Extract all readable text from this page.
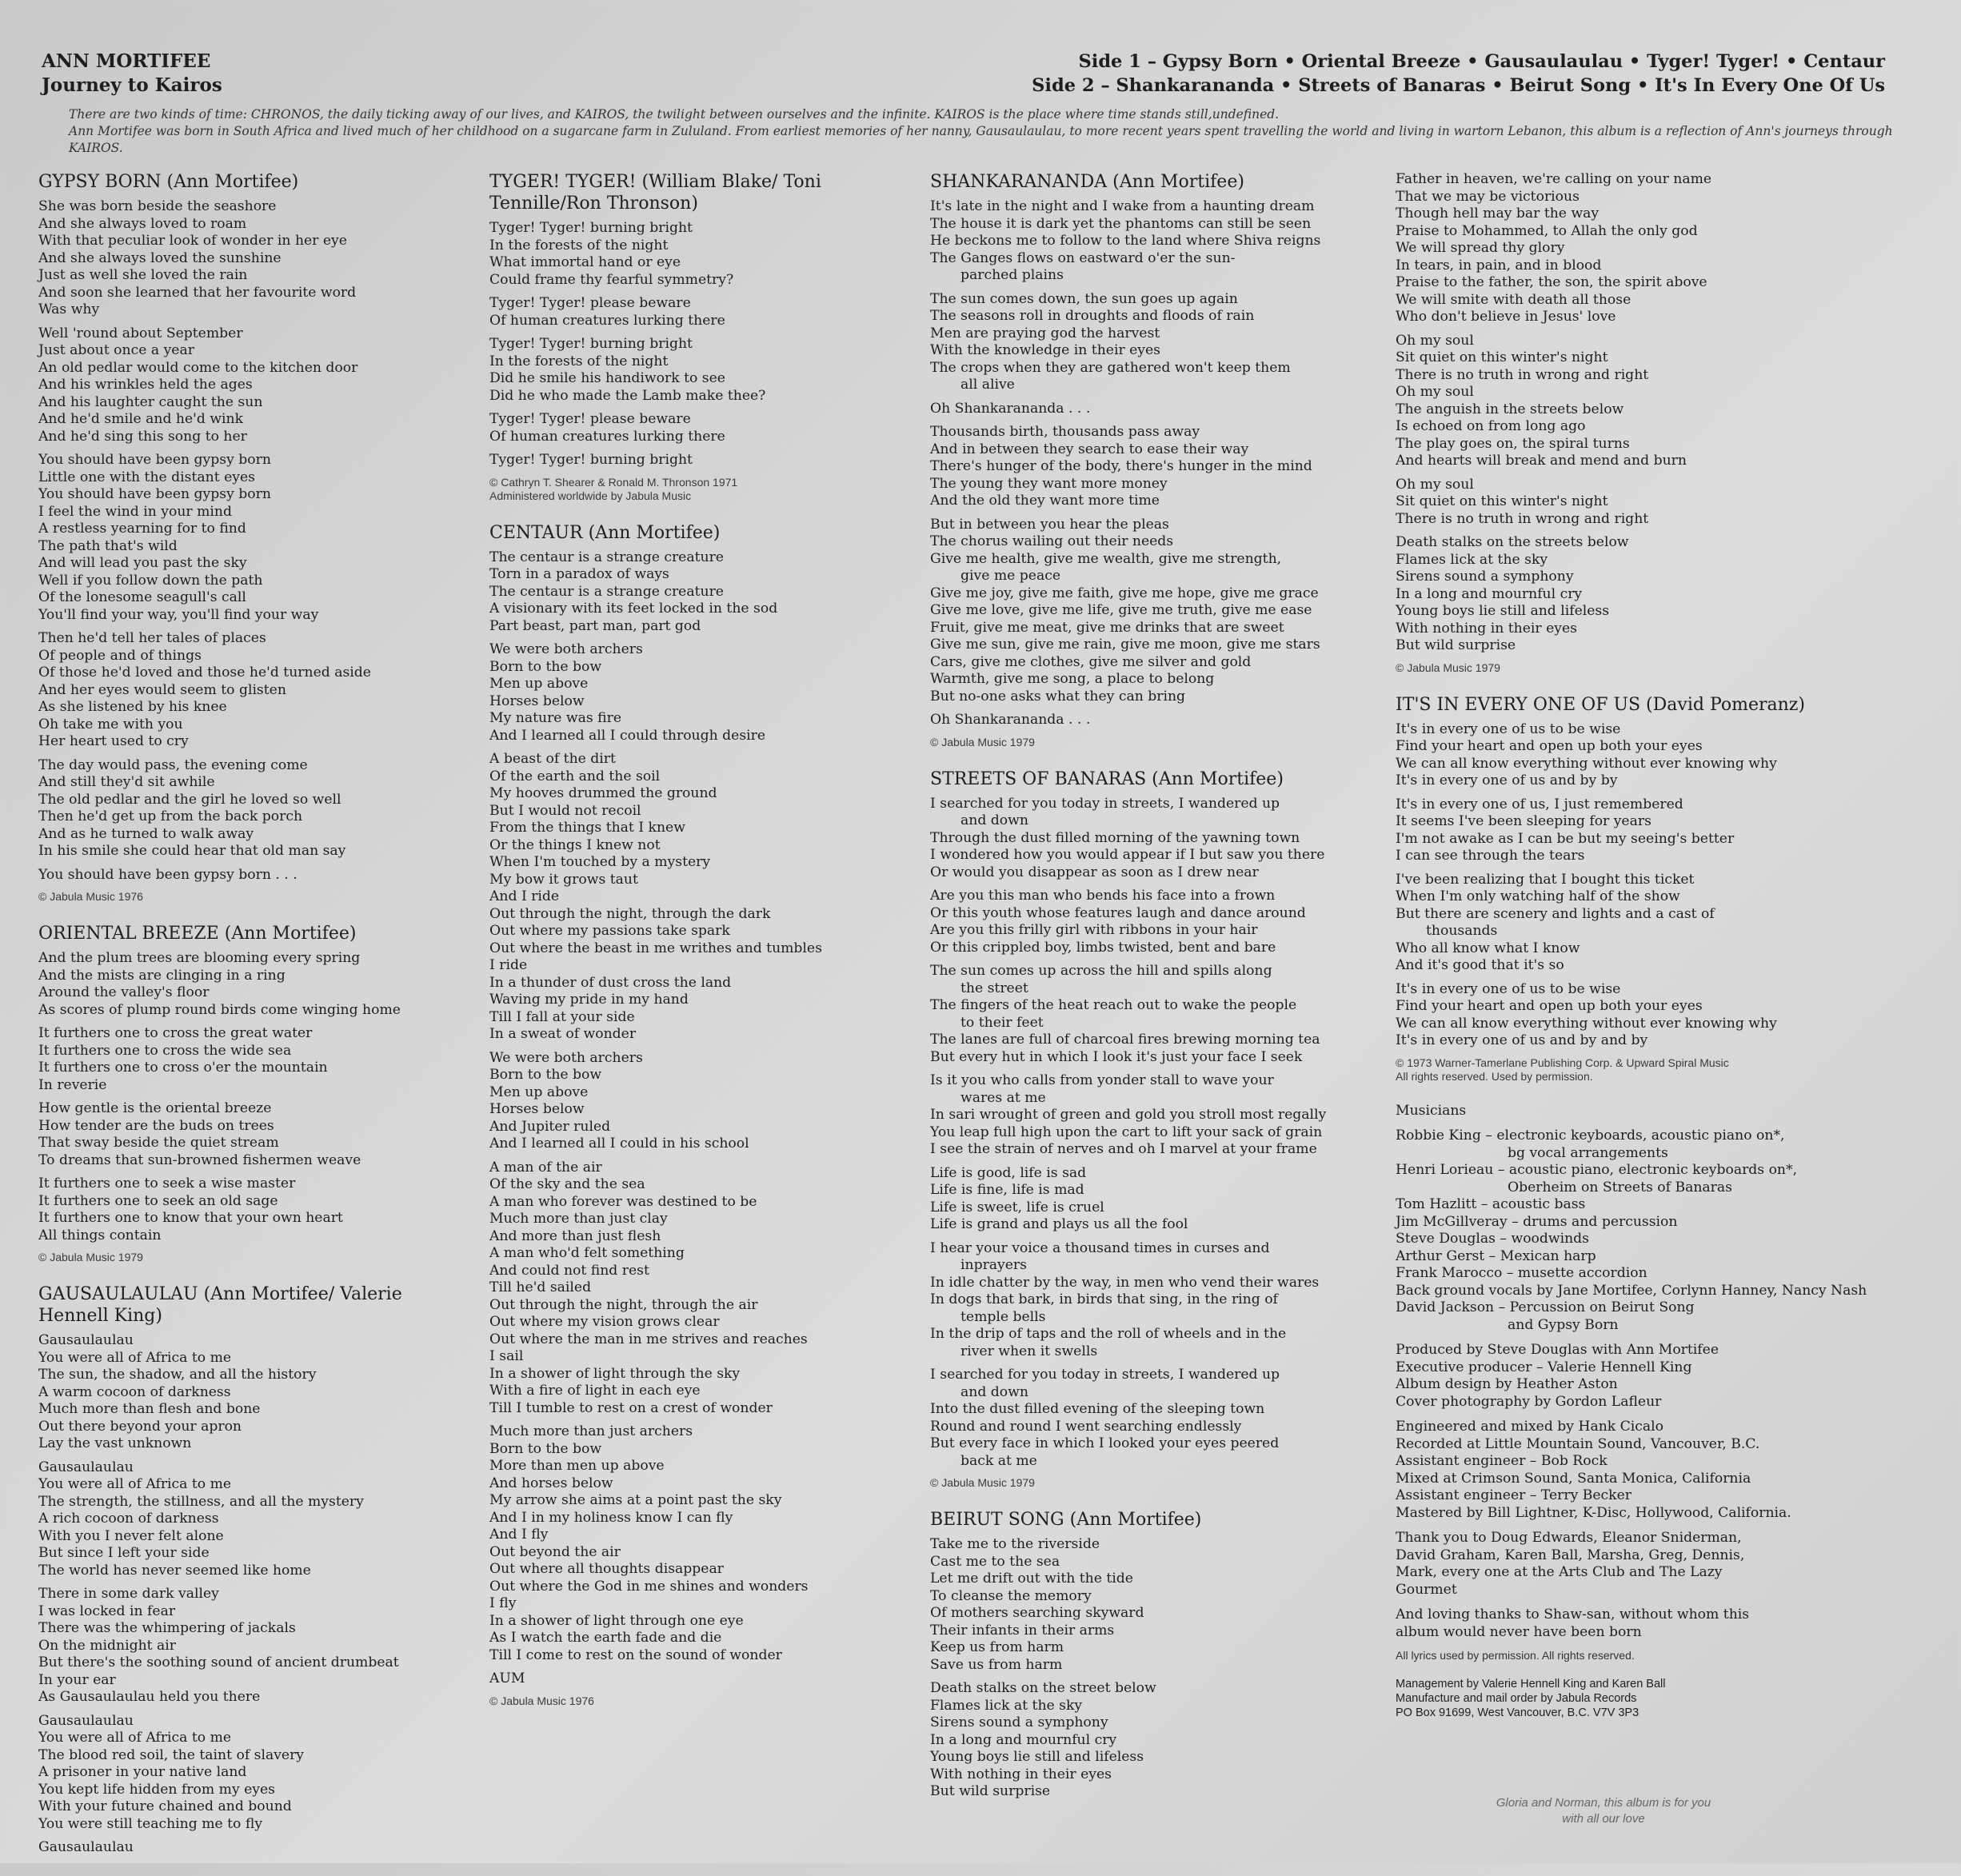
ANN MORTIFEE
Journey to Kairos
Side 1 – Gypsy Born • Oriental Breeze • Gausaulaulau • Tyger! Tyger! • Centaur
Side 2 – Shankarananda • Streets of Banaras • Beirut Song • It's In Every One Of Us

There are two kinds of time: CHRONOS, the daily ticking away of our lives, and KAIROS, the twilight between ourselves and the infinite. KAIROS is the place where time stands still,undefined.

Ann Mortifee was born in South Africa and lived much of her childhood on a sugarcane farm in Zululand. From earliest memories of her nanny, Gausaulaulau, to more recent years spent travelling the world and living in wartorn Lebanon, this album is a reflection of Ann's journeys through KAIROS.

GYPSY BORN (Ann Mortifee)
She was born beside the seashore
And she always loved to roam
With that peculiar look of wonder in her eye
And she always loved the sunshine
Just as well she loved the rain
And soon she learned that her favourite word
Was why
Well 'round about September
Just about once a year
An old pedlar would come to the kitchen door
And his wrinkles held the ages
And his laughter caught the sun
And he'd smile and he'd wink
And he'd sing this song to her
You should have been gypsy born
Little one with the distant eyes
You should have been gypsy born
I feel the wind in your mind
A restless yearning for to find
The path that's wild
And will lead you past the sky
Well if you follow down the path
Of the lonesome seagull's call
You'll find your way, you'll find your way
Then he'd tell her tales of places
Of people and of things
Of those he'd loved and those he'd turned aside
And her eyes would seem to glisten
As she listened by his knee
Oh take me with you
Her heart used to cry
The day would pass, the evening come
And still they'd sit awhile
The old pedlar and the girl he loved so well
Then he'd get up from the back porch
And as he turned to walk away
In his smile she could hear that old man say
You should have been gypsy born . . .
© Jabula Music 1976
ORIENTAL BREEZE (Ann Mortifee)
And the plum trees are blooming every spring
And the mists are clinging in a ring
Around the valley's floor
As scores of plump round birds come winging home
It furthers one to cross the great water
It furthers one to cross the wide sea
It furthers one to cross o'er the mountain
In reverie
How gentle is the oriental breeze
How tender are the buds on trees
That sway beside the quiet stream
To dreams that sun-browned fishermen weave
It furthers one to seek a wise master
It furthers one to seek an old sage
It furthers one to know that your own heart
All things contain
© Jabula Music 1979
GAUSAULAULAU (Ann Mortifee/ Valerie Hennell King)
Gausaulaulau
You were all of Africa to me
The sun, the shadow, and all the history
A warm cocoon of darkness
Much more than flesh and bone
Out there beyond your apron
Lay the vast unknown
Gausaulaulau
You were all of Africa to me
The strength, the stillness, and all the mystery
A rich cocoon of darkness
With you I never felt alone
But since I left your side
The world has never seemed like home
There in some dark valley
I was locked in fear
There was the whimpering of jackals
On the midnight air
But there's the soothing sound of ancient drumbeat
In your ear
As Gausaulaulau held you there
Gausaulaulau
You were all of Africa to me
The blood red soil, the taint of slavery
A prisoner in your native land
You kept life hidden from my eyes
With your future chained and bound
You were still teaching me to fly
Gausaulaulau
TYGER! TYGER! (William Blake/ Toni Tennille/Ron Thronson)
Tyger! Tyger! burning bright
In the forests of the night
What immortal hand or eye
Could frame thy fearful symmetry?
Tyger! Tyger! please beware
Of human creatures lurking there
Tyger! Tyger! burning bright
In the forests of the night
Did he smile his handiwork to see
Did he who made the Lamb make thee?
Tyger! Tyger! please beware
Of human creatures lurking there
Tyger! Tyger! burning bright
© Cathryn T. Shearer & Ronald M. Thronson 1971
Administered worldwide by Jabula Music
CENTAUR (Ann Mortifee)
The centaur is a strange creature
Torn in a paradox of ways
The centaur is a strange creature
A visionary with its feet locked in the sod
Part beast, part man, part god
We were both archers
Born to the bow
Men up above
Horses below
My nature was fire
And I learned all I could through desire
A beast of the dirt
Of the earth and the soil
My hooves drummed the ground
But I would not recoil
From the things that I knew
Or the things I knew not
When I'm touched by a mystery
My bow it grows taut
And I ride
Out through the night, through the dark
Out where my passions take spark
Out where the beast in me writhes and tumbles
I ride
In a thunder of dust cross the land
Waving my pride in my hand
Till I fall at your side
In a sweat of wonder
We were both archers
Born to the bow
Men up above
Horses below
And Jupiter ruled
And I learned all I could in his school
A man of the air
Of the sky and the sea
A man who forever was destined to be
Much more than just clay
And more than just flesh
A man who'd felt something
And could not find rest
Till he'd sailed
Out through the night, through the air
Out where my vision grows clear
Out where the man in me strives and reaches
I sail
In a shower of light through the sky
With a fire of light in each eye
Till I tumble to rest on a crest of wonder
Much more than just archers
Born to the bow
More than men up above
And horses below
My arrow she aims at a point past the sky
And I in my holiness know I can fly
And I fly
Out beyond the air
Out where all thoughts disappear
Out where the God in me shines and wonders
I fly
In a shower of light through one eye
As I watch the earth fade and die
Till I come to rest on the sound of wonder
AUM
© Jabula Music 1976
SHANKARANANDA (Ann Mortifee)
It's late in the night and I wake from a haunting dream
The house it is dark yet the phantoms can still be seen
He beckons me to follow to the land where Shiva reigns
The Ganges flows on eastward o'er the sun-
parched plains
The sun comes down, the sun goes up again
The seasons roll in droughts and floods of rain
Men are praying god the harvest
With the knowledge in their eyes
The crops when they are gathered won't keep them
all alive
Oh Shankarananda . . .
Thousands birth, thousands pass away
And in between they search to ease their way
There's hunger of the body, there's hunger in the mind
The young they want more money
And the old they want more time
But in between you hear the pleas
The chorus wailing out their needs
Give me health, give me wealth, give me strength,
give me peace
Give me joy, give me faith, give me hope, give me grace
Give me love, give me life, give me truth, give me ease
Fruit, give me meat, give me drinks that are sweet
Give me sun, give me rain, give me moon, give me stars
Cars, give me clothes, give me silver and gold
Warmth, give me song, a place to belong
But no-one asks what they can bring
Oh Shankarananda . . .
© Jabula Music 1979
STREETS OF BANARAS (Ann Mortifee)
I searched for you today in streets, I wandered up
and down
Through the dust filled morning of the yawning town
I wondered how you would appear if I but saw you there
Or would you disappear as soon as I drew near
Are you this man who bends his face into a frown
Or this youth whose features laugh and dance around
Are you this frilly girl with ribbons in your hair
Or this crippled boy, limbs twisted, bent and bare
The sun comes up across the hill and spills along
the street
The fingers of the heat reach out to wake the people
to their feet
The lanes are full of charcoal fires brewing morning tea
But every hut in which I look it's just your face I seek
Is it you who calls from yonder stall to wave your
wares at me
In sari wrought of green and gold you stroll most regally
You leap full high upon the cart to lift your sack of grain
I see the strain of nerves and oh I marvel at your frame
Life is good, life is sad
Life is fine, life is mad
Life is sweet, life is cruel
Life is grand and plays us all the fool
I hear your voice a thousand times in curses and
inprayers
In idle chatter by the way, in men who vend their wares
In dogs that bark, in birds that sing, in the ring of
temple bells
In the drip of taps and the roll of wheels and in the
river when it swells
I searched for you today in streets, I wandered up
and down
Into the dust filled evening of the sleeping town
Round and round I went searching endlessly
But every face in which I looked your eyes peered
back at me
© Jabula Music 1979
BEIRUT SONG (Ann Mortifee)
Take me to the riverside
Cast me to the sea
Let me drift out with the tide
To cleanse the memory
Of mothers searching skyward
Their infants in their arms
Keep us from harm
Save us from harm
Death stalks on the street below
Flames lick at the sky
Sirens sound a symphony
In a long and mournful cry
Young boys lie still and lifeless
With nothing in their eyes
But wild surprise
Father in heaven, we're calling on your name
That we may be victorious
Though hell may bar the way
Praise to Mohammed, to Allah the only god
We will spread thy glory
In tears, in pain, and in blood
Praise to the father, the son, the spirit above
We will smite with death all those
Who don't believe in Jesus' love
Oh my soul
Sit quiet on this winter's night
There is no truth in wrong and right
Oh my soul
The anguish in the streets below
Is echoed on from long ago
The play goes on, the spiral turns
And hearts will break and mend and burn
Oh my soul
Sit quiet on this winter's night
There is no truth in wrong and right
Death stalks on the streets below
Flames lick at the sky
Sirens sound a symphony
In a long and mournful cry
Young boys lie still and lifeless
With nothing in their eyes
But wild surprise
© Jabula Music 1979
IT'S IN EVERY ONE OF US (David Pomeranz)
It's in every one of us to be wise
Find your heart and open up both your eyes
We can all know everything without ever knowing why
It's in every one of us and by by
It's in every one of us, I just remembered
It seems I've been sleeping for years
I'm not awake as I can be but my seeing's better
I can see through the tears
I've been realizing that I bought this ticket
When I'm only watching half of the show
But there are scenery and lights and a cast of
thousands
Who all know what I know
And it's good that it's so
It's in every one of us to be wise
Find your heart and open up both your eyes
We can all know everything without ever knowing why
It's in every one of us and by and by
© 1973 Warner-Tamerlane Publishing Corp. & Upward Spiral Music
All rights reserved. Used by permission.
Musicians
Robbie King – electronic keyboards, acoustic piano on*,
bg vocal arrangements
Henri Lorieau – acoustic piano, electronic keyboards on*,
Oberheim on Streets of Banaras
Tom Hazlitt – acoustic bass
Jim McGillveray – drums and percussion
Steve Douglas – woodwinds
Arthur Gerst – Mexican harp
Frank Marocco – musette accordion
Back ground vocals by Jane Mortifee, Corlynn Hanney, Nancy Nash
David Jackson – Percussion on Beirut Song
and Gypsy Born
Produced by Steve Douglas with Ann Mortifee
Executive producer – Valerie Hennell King
Album design by Heather Aston
Cover photography by Gordon Lafleur
Engineered and mixed by Hank Cicalo
Recorded at Little Mountain Sound, Vancouver, B.C.
Assistant engineer – Bob Rock
Mixed at Crimson Sound, Santa Monica, California
Assistant engineer – Terry Becker
Mastered by Bill Lightner, K-Disc, Hollywood, California.
Thank you to Doug Edwards, Eleanor Sniderman,
David Graham, Karen Ball, Marsha, Greg, Dennis,
Mark, every one at the Arts Club and The Lazy
Gourmet
And loving thanks to Shaw-san, without whom this
album would never have been born
All lyrics used by permission. All rights reserved.
Management by Valerie Hennell King and Karen Ball
Manufacture and mail order by Jabula Records
PO Box 91699, West Vancouver, B.C. V7V 3P3
Gloria and Norman, this album is for you
with all our love
